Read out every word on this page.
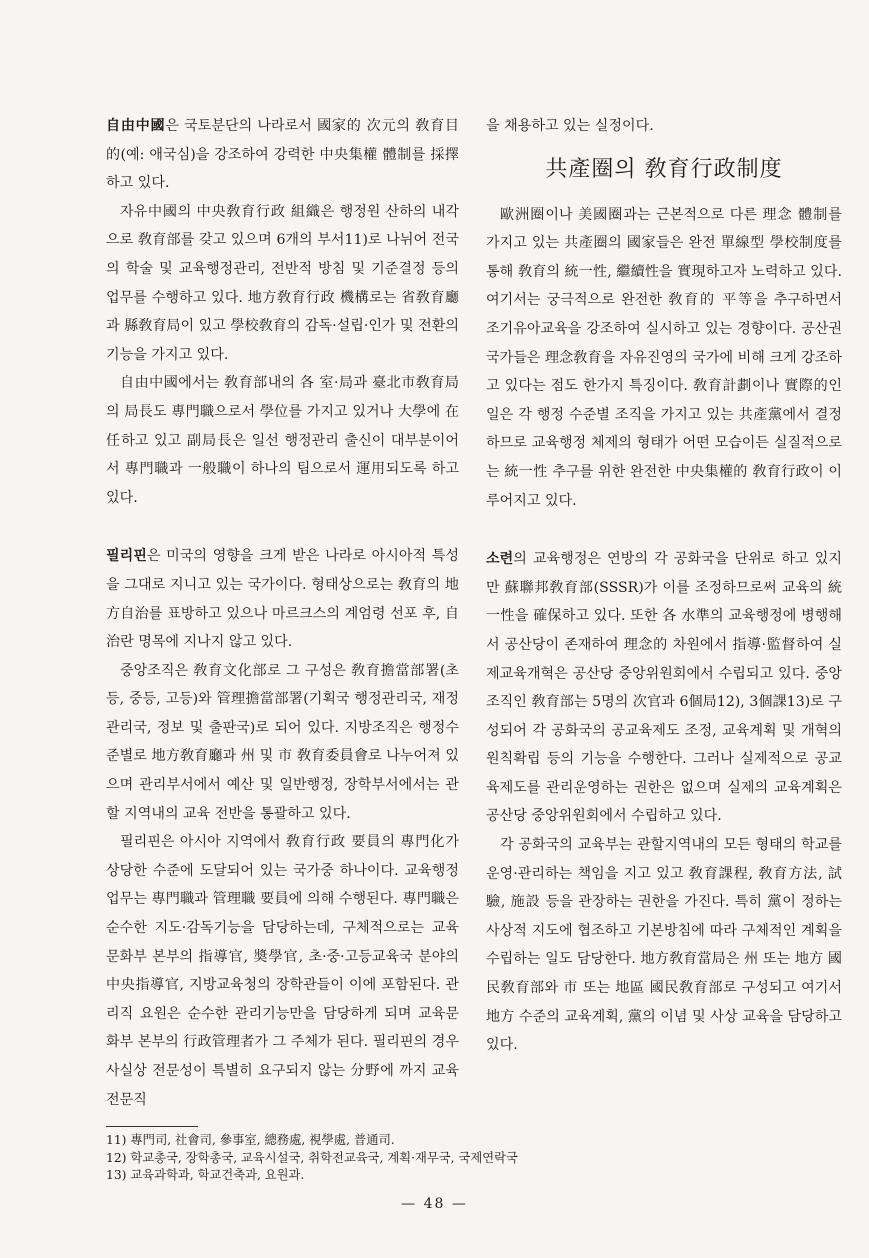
自由中國은 국토분단의 나라로서 國家的 次元의 敎育目的(예: 애국심)을 강조하여 강력한 中央集權 體制를 採擇하고 있다.

자유中國의 中央敎育行政 組織은 행정원 산하의 내각으로 敎育部를 갖고 있으며 6개의 부서11)로 나뉘어 전국의 학술 및 교육행정관리, 전반적 방침 및 기준결정 등의 업무를 수행하고 있다. 地方敎育行政 機構로는 省敎育廳과 縣敎育局이 있고 學校敎育의 감독·설립·인가 및 전환의 기능을 가지고 있다.

自由中國에서는 敎育部내의 各 室·局과 臺北市敎育局의 局長도 專門職으로서 學位를 가지고 있거나 大學에 在任하고 있고 副局長은 일선 행정관리 출신이 대부분이어서 專門職과 一般職이 하나의 팀으로서 運用되도록 하고 있다.

필리핀은 미국의 영향을 크게 받은 나라로 아시아적 특성을 그대로 지니고 있는 국가이다. 형태상으로는 敎育의 地方自治를 표방하고 있으나 마르크스의 계엄령 선포 후, 自治란 명목에 지나지 않고 있다.

중앙조직은 敎育文化部로 그 구성은 敎育擔當部署(초등, 중등, 고등)와 管理擔當部署(기획국 행정관리국, 재정관리국, 정보 및 출판국)로 되어 있다. 지방조직은 행정수준별로 地方敎育廳과 州 및 市 敎育委員會로 나누어져 있으며 관리부서에서 예산 및 일반행정, 장학부서에서는 관할 지역내의 교육 전반을 통괄하고 있다.

필리핀은 아시아 지역에서 敎育行政 要員의 專門化가 상당한 수준에 도달되어 있는 국가중 하나이다. 교육행정업무는 專門職과 管理職 要員에 의해 수행된다. 專門職은 순수한 지도·감독기능을 담당하는데, 구체적으로는 교육문화부 본부의 指導官, 奬學官, 초·중·고등교육국 분야의 中央指導官, 지방교육청의 장학관들이 이에 포함된다. 관리직 요원은 순수한 관리기능만을 담당하게 되며 교육문화부 본부의 行政管理者가 그 주체가 된다. 필리핀의 경우 사실상 전문성이 특별히 요구되지 않는 分野에 까지 교육 전문직

을 채용하고 있는 실정이다.

共產圈의 敎育行政制度

歐洲圈이나 美國圈과는 근본적으로 다른 理念 體制를 가지고 있는 共產圈의 國家들은 완전 單線型 學校制度를 통해 敎育의 統一性, 繼續性을 實現하고자 노력하고 있다. 여기서는 궁극적으로 완전한 敎育的 平等을 추구하면서 조기유아교육을 강조하여 실시하고 있는 경향이다. 공산권 국가들은 理念敎育을 자유진영의 국가에 비해 크게 강조하고 있다는 점도 한가지 특징이다. 敎育計劃이나 實際的인 일은 각 행정 수준별 조직을 가지고 있는 共產黨에서 결정하므로 교육행정 체제의 형태가 어떤 모습이든 실질적으로는 統一性 추구를 위한 완전한 中央集權的 敎育行政이 이루어지고 있다.

소련의 교육행정은 연방의 각 공화국을 단위로 하고 있지만 蘇聯邦敎育部(SSSR)가 이를 조정하므로써 교육의 統一性을 確保하고 있다. 또한 各 水準의 교육행정에 병행해서 공산당이 존재하여 理念的 차원에서 指導·監督하여 실제교육개혁은 공산당 중앙위원회에서 수립되고 있다. 중앙조직인 敎育部는 5명의 次官과 6個局12), 3個課13)로 구성되어 각 공화국의 공교육제도 조정, 교육계획 및 개혁의 원칙확립 등의 기능을 수행한다. 그러나 실제적으로 공교육제도를 관리운영하는 권한은 없으며 실제의 교육계획은 공산당 중앙위원회에서 수립하고 있다.

각 공화국의 교육부는 관할지역내의 모든 형태의 학교를 운영·관리하는 책임을 지고 있고 敎育課程, 敎育方法, 試驗, 施設 등을 관장하는 권한을 가진다. 특히 黨이 정하는 사상적 지도에 협조하고 기본방침에 따라 구체적인 계획을 수립하는 일도 담당한다. 地方敎育當局은 州 또는 地方 國民敎育部와 市 또는 地區 國民敎育部로 구성되고 여기서 地方 수준의 교육계획, 黨의 이념 및 사상 교육을 담당하고 있다.

11) 專門司, 社會司, 參事室, 總務處, 視學處, 普通司.
12) 학교총국, 장학총국, 교육시설국, 취학전교육국, 계획·재무국, 국제연락국
13) 교육과학과, 학교건축과, 요원과.
— 48 —
